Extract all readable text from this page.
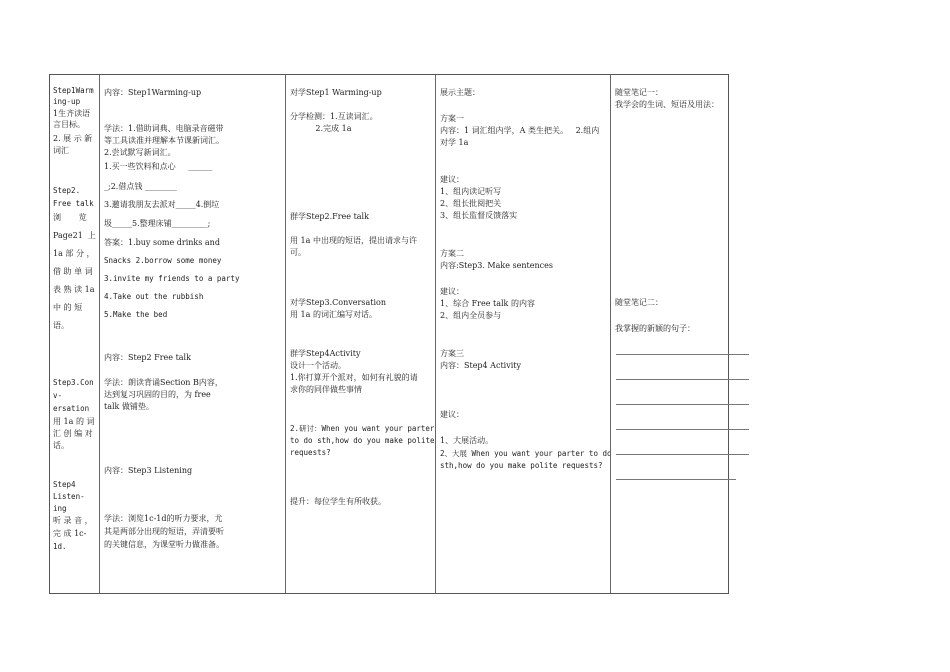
Step1Warm
ing-up
1生齐读语
言目标。
2. 展 示 新
词汇
Step2.
Free talk
浏       览
Page21  上
1a 部 分 ，
借 助 单 词
表 熟 读 1a
中 的 短
语。
Step3.Con
v-
ersation
用 1a 的 词
汇 创 编 对
话。
Step4
Listen-
ing
听 录 音 ，
完 成 1c-
1d.
内容：Step1Warming-up
学法：1.借助词典、电脑录音磁带
等工具读准并理解本节课新词汇。
2.尝试默写新词汇。
1.买一些饮料和点心     ______
_;2.借点钱 ________
3.邀请我朋友去派对_____4.倒垃
圾_____5.整理床铺_________;
答案：1.buy some drinks and
Snacks 2.borrow some money
3.invite my friends to a party
4.Take out the rubbish
5.Make the bed
内容：Step2 Free talk
学法：朗读背诵Section B内容，
达到复习巩固的目的，为 free
talk 做铺垫。
内容：Step3 Listening
学法：浏览1c-1d的听力要求，尤
其是两部分出现的短语，弄清要听
的关键信息，为课堂听力做准备。
对学Step1 Warming-up
分学检测：1.互读词汇。
2.完成 1a
群学Step2.Free talk
用 1a 中出现的短语，提出请求与许
可。
对学Step3.Conversation
用 1a 的词汇编写对话。
群学Step4Activity
设计一个活动。
1.你打算开个派对，如何有礼貌的请
求你的同伴做些事情
2.研讨：When you want your parter
to do sth,how do you make polite
requests?
提升：每位学生有所收获。
展示主题：
方案一
内容：1 词汇组内学，A 类生把关。   2.组内
对学 1a
建议：
1、组内读记听写
2、组长批阅把关
3、组长监督反馈落实
方案二
内容:Step3. Make sentences
建议：
1、综合 Free talk 的内容
2、组内全员参与
方案三
内容：Step4 Activity
建议：
1、大展活动。
2、大展 When you want your parter to do
sth,how do you make polite requests?
随堂笔记一：
我学会的生词、短语及用法：
随堂笔记二：
我掌握的新颖的句子：
